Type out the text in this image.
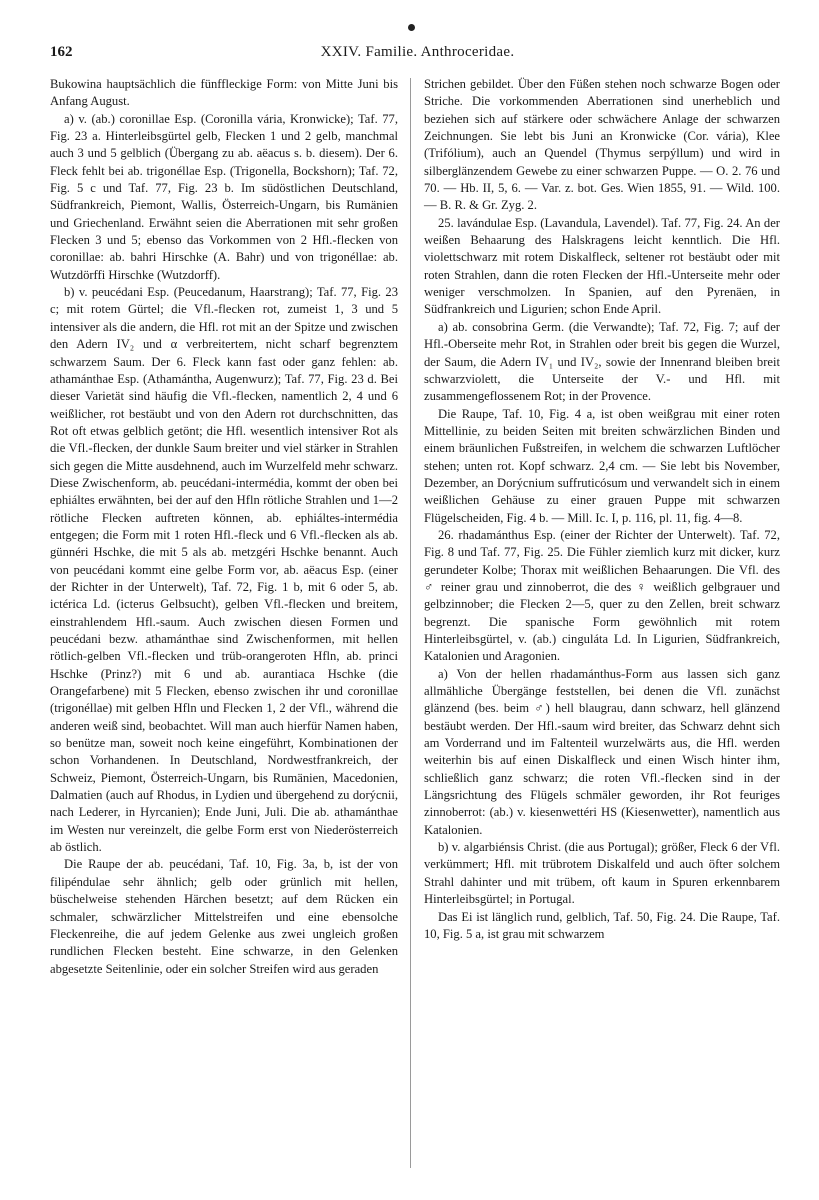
162	XXIV. Familie. Anthroceridae.

Bukowina hauptsächlich die fünffleckige Form: von Mitte Juni bis Anfang August.

a) v. (ab.) coronillae Esp. (Coronilla vária, Kronwicke); Taf. 77, Fig. 23 a. Hinterleibsgürtel gelb, Flecken 1 und 2 gelb, manchmal auch 3 und 5 gelblich (Übergang zu ab. aëacus s. b. diesem). Der 6. Fleck fehlt bei ab. trigonéllae Esp. (Trigonella, Bockshorn); Taf. 72, Fig. 5 c und Taf. 77, Fig. 23 b. Im südöstlichen Deutschland, Südfrankreich, Piemont, Wallis, Österreich-Ungarn, bis Rumänien und Griechenland. Erwähnt seien die Aberrationen mit sehr großen Flecken 3 und 5; ebenso das Vorkommen von 2 Hfl.-flecken von coronillae: ab. bahri Hirschke (A. Bahr) und von trigonéllae: ab. Wutzdörffi Hirschke (Wutzdorff).

b) v. peucédani Esp. (Peucedanum, Haarstrang); Taf. 77, Fig. 23 c; mit rotem Gürtel; die Vfl.-flecken rot, zumeist 1, 3 und 5 intensiver als die andern, die Hfl. rot mit an der Spitze und zwischen den Adern IV₂ und α verbreitertem, nicht scharf begrenztem schwarzem Saum. Der 6. Fleck kann fast oder ganz fehlen: ab. athamánthae Esp. (Athamántha, Augenwurz); Taf. 77, Fig. 23 d. Bei dieser Varietät sind häufig die Vfl.-flecken, namentlich 2, 4 und 6 weißlicher, rot bestäubt und von den Adern rot durchschnitten, das Rot oft etwas gelblich getönt; die Hfl. wesentlich intensiver Rot als die Vfl.-flecken, der dunkle Saum breiter und viel stärker in Strahlen sich gegen die Mitte ausdehnend, auch im Wurzelfeld mehr schwarz. Diese Zwischenform, ab. peucédani-intermédia, kommt der oben bei ephiáltes erwähnten, bei der auf den Hfln rötliche Strahlen und 1—2 rötliche Flecken auftreten können, ab. ephiáltes-intermédia entgegen; die Form mit 1 roten Hfl.-fleck und 6 Vfl.-flecken als ab. günnéri Hschke, die mit 5 als ab. metzgéri Hschke benannt. Auch von peucédani kommt eine gelbe Form vor, ab. aëacus Esp. (einer der Richter in der Unterwelt), Taf. 72, Fig. 1 b, mit 6 oder 5, ab. ictérica Ld. (icterus Gelbsucht), gelben Vfl.-flecken und breitem, einstrahlendem Hfl.-saum. Auch zwischen diesen Formen und peucédani bezw. athamánthae sind Zwischenformen, mit hellen rötlich-gelben Vfl.-flecken und trüb-orangeroten Hfln, ab. princi Hschke (Prinz?) mit 6 und ab. aurantiaca Hschke (die Orangefarbene) mit 5 Flecken, ebenso zwischen ihr und coronillae (trigonéllae) mit gelben Hfln und Flecken 1, 2 der Vfl., während die anderen weiß sind, beobachtet. Will man auch hierfür Namen haben, so benütze man, soweit noch keine eingeführt, Kombinationen der schon Vorhandenen. In Deutschland, Nordwestfrankreich, der Schweiz, Piemont, Österreich-Ungarn, bis Rumänien, Macedonien, Dalmatien (auch auf Rhodus, in Lydien und übergehend zu dorýcnii, nach Lederer, in Hyrcanien); Ende Juni, Juli. Die ab. athamánthae im Westen nur vereinzelt, die gelbe Form erst von Niederösterreich ab östlich.

Die Raupe der ab. peucédani, Taf. 10, Fig. 3a, b, ist der von filipéndulae sehr ähnlich; gelb oder grünlich mit hellen, büschelweise stehenden Härchen besetzt; auf dem Rücken ein schmaler, schwärzlicher Mittelstreifen und eine ebensolche Fleckenreihe, die auf jedem Gelenke aus zwei ungleich großen rundlichen Flecken besteht. Eine schwarze, in den Gelenken abgesetzte Seitenlinie, oder ein solcher Streifen wird aus geraden

Strichen gebildet. Über den Füßen stehen noch schwarze Bogen oder Striche. Die vorkommenden Aberrationen sind unerheblich und beziehen sich auf stärkere oder schwächere Anlage der schwarzen Zeichnungen. Sie lebt bis Juni an Kronwicke (Cor. vária), Klee (Trifólium), auch an Quendel (Thymus serpýllum) und wird in silberglänzendem Gewebe zu einer schwarzen Puppe. — O. 2. 76 und 70. — Hb. II, 5, 6. — Var. z. bot. Ges. Wien 1855, 91. — Wild. 100. — B. R. & Gr. Zyg. 2.

25. lavándulae Esp. (Lavandula, Lavendel). Taf. 77, Fig. 24. An der weißen Behaarung des Halskragens leicht kenntlich. Die Hfl. violettschwarz mit rotem Diskalfleck, seltener rot bestäubt oder mit roten Strahlen, dann die roten Flecken der Hfl.-Unterseite mehr oder weniger verschmolzen. In Spanien, auf den Pyrenäen, in Südfrankreich und Ligurien; schon Ende April.

a) ab. consobrina Germ. (die Verwandte); Taf. 72, Fig. 7; auf der Hfl.-Oberseite mehr Rot, in Strahlen oder breit bis gegen die Wurzel, der Saum, die Adern IV₁ und IV₂, sowie der Innenrand bleiben breit schwarzviolett, die Unterseite der V.- und Hfl. mit zusammengeflossenem Rot; in der Provence.

Die Raupe, Taf. 10, Fig. 4 a, ist oben weißgrau mit einer roten Mittellinie, zu beiden Seiten mit breiten schwärzlichen Binden und einem bräunlichen Fußstreifen, in welchem die schwarzen Luftlöcher stehen; unten rot. Kopf schwarz. 2,4 cm. — Sie lebt bis November, Dezember, an Dorýcnium suffruticósum und verwandelt sich in einem weißlichen Gehäuse zu einer grauen Puppe mit schwarzen Flügelscheiden, Fig. 4 b. — Mill. Ic. I, p. 116, pl. 11, fig. 4—8.

26. rhadamánthus Esp. (einer der Richter der Unterwelt). Taf. 72, Fig. 8 und Taf. 77, Fig. 25. Die Fühler ziemlich kurz mit dicker, kurz gerundeter Kolbe; Thorax mit weißlichen Behaarungen. Die Vfl. des ♂ reiner grau und zinnoberrot, die des ♀ weißlich gelbgrauer und gelbzinnober; die Flecken 2—5, quer zu den Zellen, breit schwarz begrenzt. Die spanische Form gewöhnlich mit rotem Hinterleibsgürtel, v. (ab.) cinguláta Ld. In Ligurien, Südfrankreich, Katalonien und Aragonien.

a) Von der hellen rhadamánthus-Form aus lassen sich ganz allmähliche Übergänge feststellen, bei denen die Vfl. zunächst glänzend (bes. beim ♂) hell blaugrau, dann schwarz, hell glänzend bestäubt werden. Der Hfl.-saum wird breiter, das Schwarz dehnt sich am Vorderrand und im Faltenteil wurzelwärts aus, die Hfl. werden weiterhin bis auf einen Diskalfleck und einen Wisch hinter ihm, schließlich ganz schwarz; die roten Vfl.-flecken sind in der Längsrichtung des Flügels schmäler geworden, ihr Rot feuriges zinnoberrot: (ab.) v. kiesenwettéri HS (Kiesenwetter), namentlich aus Katalonien.

b) v. algarbiénsis Christ. (die aus Portugal); größer, Fleck 6 der Vfl. verkümmert; Hfl. mit trübrotem Diskalfeld und auch öfter solchem Strahl dahinter und mit trübem, oft kaum in Spuren erkennbarem Hinterleibsgürtel; in Portugal.

Das Ei ist länglich rund, gelblich, Taf. 50, Fig. 24. Die Raupe, Taf. 10, Fig. 5 a, ist grau mit schwarzem
